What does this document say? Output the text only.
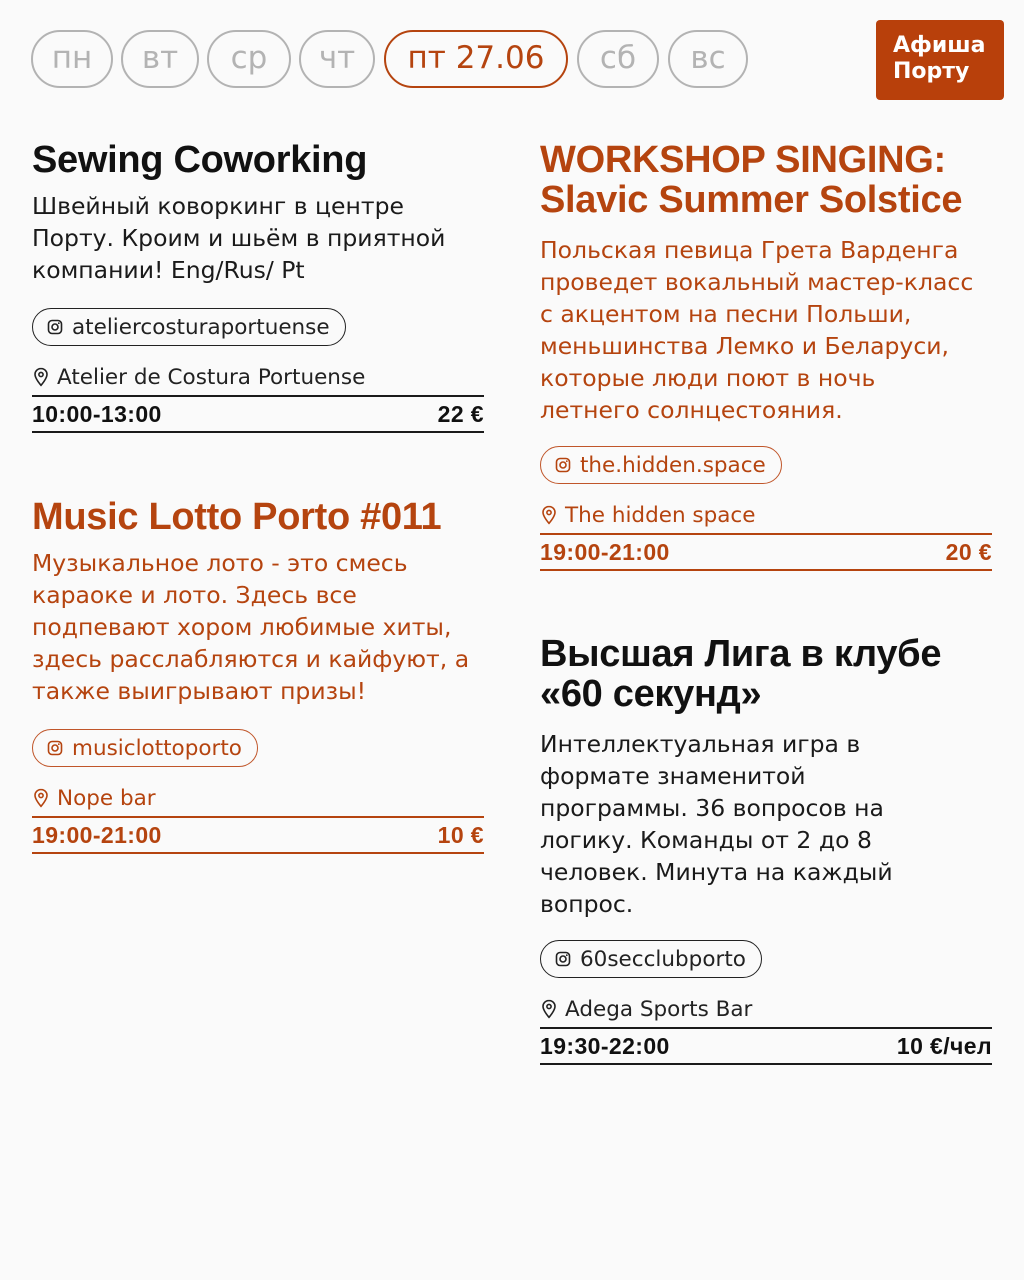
пн	вт	ср	чт	пт 27.06	сб	вс	Афиша
Порту
Sewing Coworking
Швейный коворкинг в центре Порту. Кроим и шьём в приятной компании! Eng/Rus/ Pt
ateliercosturaportuense
Atelier de Costura Portuense
10:00-13:00	22 €
Music Lotto Porto #011
Музыкальное лото - это смесь караоке и лото. Здесь все подпевают хором любимые хиты, здесь расслабляются и кайфуют, а также выигрывают призы!
musiclottoporto
Nope bar
19:00-21:00	10 €
WORKSHOP SINGING: Slavic Summer Solstice
Польская певица Грета Варденга проведет вокальный мастер-класс с акцентом на песни Польши, меньшинства Лемко и Беларуси, которые люди поют в ночь летнего солнцестояния.
the.hidden.space
The hidden space
19:00-21:00	20 €
Высшая Лига в клубе «60 секунд»
Интеллектуальная игра в формате знаменитой программы. 36 вопросов на логику. Команды от 2 до 8 человек. Минута на каждый вопрос.
60secclubporto
Adega Sports Bar
19:30-22:00	10 €/чел
